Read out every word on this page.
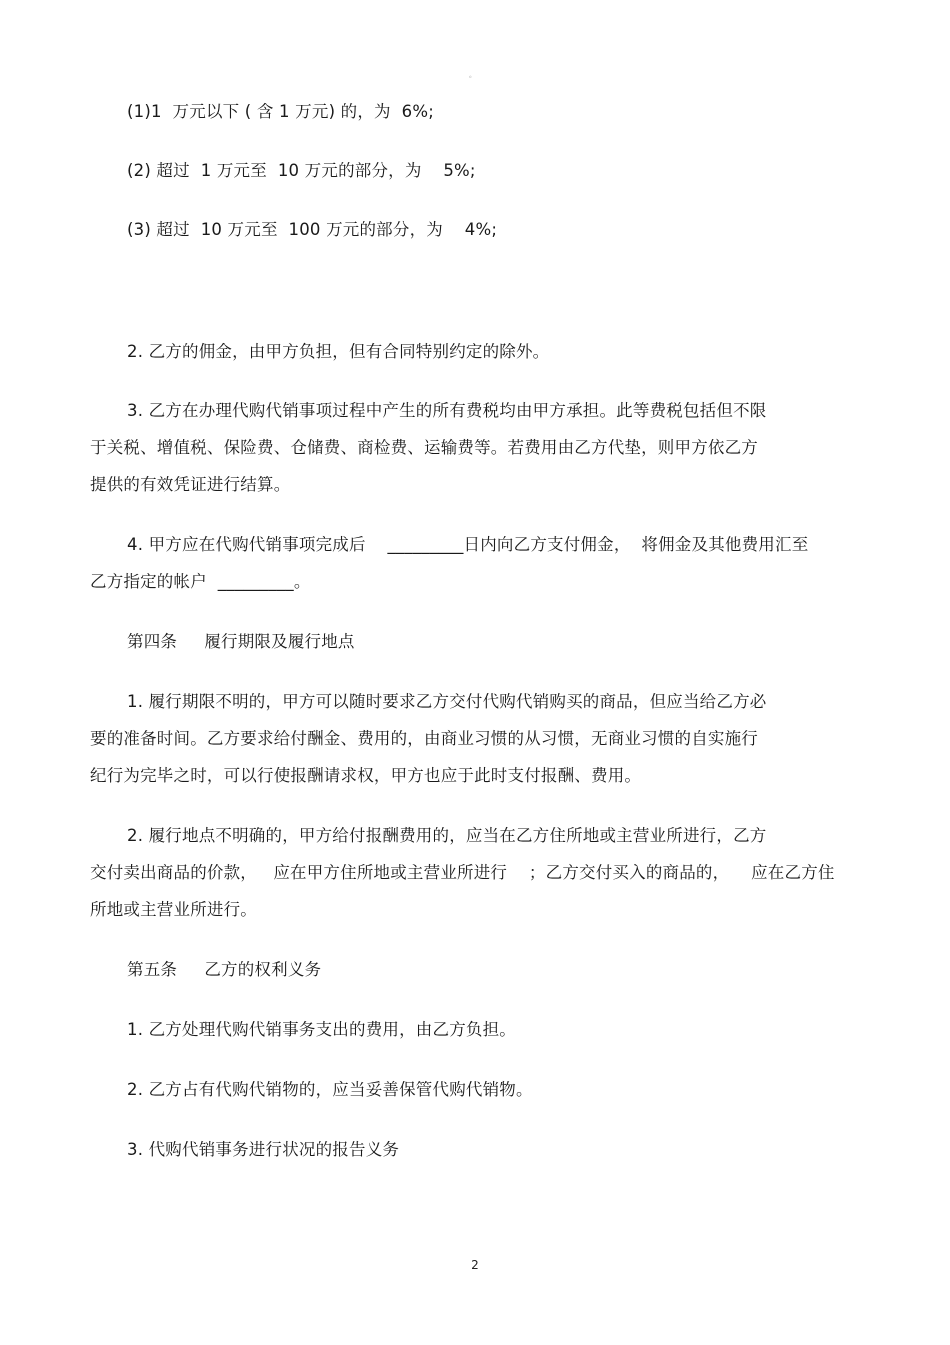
。
(1)1  万元以下 ( 含 1 万元) 的，为  6%;
(2) 超过  1 万元至  10 万元的部分，为    5%;
(3) 超过  10 万元至  100 万元的部分，为    4%;
2. 乙方的佣金，由甲方负担，但有合同特别约定的除外。
3. 乙方在办理代购代销事项过程中产生的所有费税均由甲方承担。此等费税包括但不限
于关税、增值税、保险费、仓储费、商检费、运输费等。若费用由乙方代垫，则甲方依乙方
提供的有效凭证进行结算。
4. 甲方应在代购代销事项完成后    _________日内向乙方支付佣金，  将佣金及其他费用汇至
乙方指定的帐户  _________。
第四条     履行期限及履行地点
1. 履行期限不明的，甲方可以随时要求乙方交付代购代销购买的商品，但应当给乙方必
要的准备时间。乙方要求给付酬金、费用的，由商业习惯的从习惯，无商业习惯的自实施行
纪行为完毕之时，可以行使报酬请求权，甲方也应于此时支付报酬、费用。
2. 履行地点不明确的，甲方给付报酬费用的，应当在乙方住所地或主营业所进行，乙方
交付卖出商品的价款，   应在甲方住所地或主营业所进行    ；乙方交付买入的商品的，    应在乙方住
所地或主营业所进行。
第五条     乙方的权利义务
1. 乙方处理代购代销事务支出的费用，由乙方负担。
2. 乙方占有代购代销物的，应当妥善保管代购代销物。
3. 代购代销事务进行状况的报告义务
2
